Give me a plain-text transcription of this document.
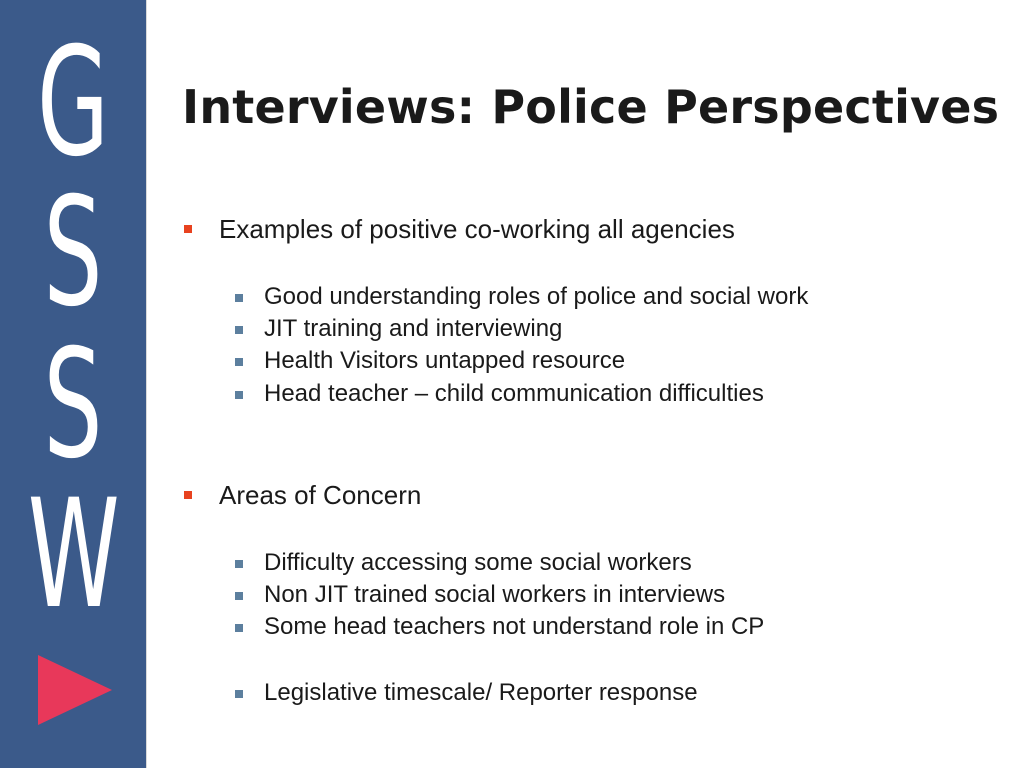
G
S
S
W
Interviews: Police Perspectives
Examples of positive co-working all agencies
Good understanding roles of police and social work
JIT training and interviewing
Health Visitors untapped resource
Head teacher – child communication difficulties
Areas of Concern
Difficulty accessing some social workers
Non JIT trained social workers in interviews
Some head teachers not understand role in CP
Legislative timescale/ Reporter response
